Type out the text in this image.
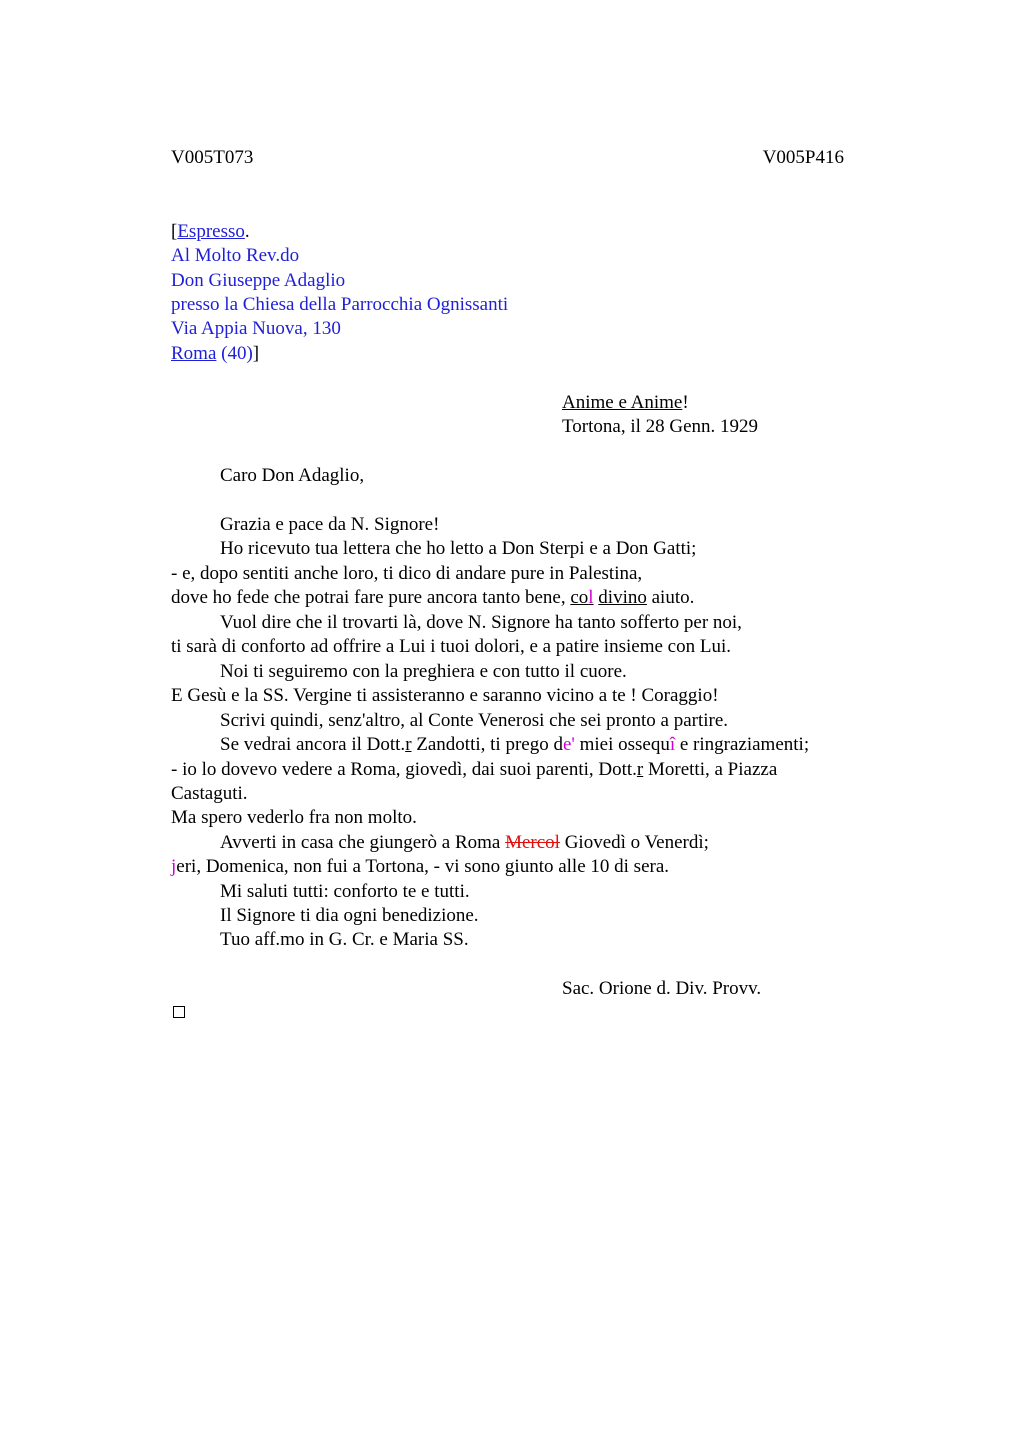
V005T073	V005P416
[Espresso.
Al Molto Rev.do
Don Giuseppe Adaglio
presso la Chiesa della Parrocchia Ognissanti
Via Appia Nuova, 130
Roma (40)]
Anime e Anime!
Tortona, il 28 Genn. 1929
Caro Don Adaglio,
Grazia e pace da N. Signore!
Ho ricevuto tua lettera che ho letto a Don Sterpi e a Don Gatti;
- e, dopo sentiti anche loro, ti dico di andare pure in Palestina,
dove ho fede che potrai fare pure ancora tanto bene, col divino aiuto.
Vuol dire che il trovarti là, dove N. Signore ha tanto sofferto per noi,
ti sarà di conforto ad offrire a Lui i tuoi dolori, e a patire insieme con Lui.
Noi ti seguiremo con la preghiera e con tutto il cuore.
E Gesù e la SS. Vergine ti assisteranno e saranno vicino a te ! Coraggio!
Scrivi quindi, senz'altro, al Conte Venerosi che sei pronto a partire.
Se vedrai ancora il Dott.r Zandotti, ti prego de' miei ossequî e ringraziamenti;
- io lo dovevo vedere a Roma, giovedì, dai suoi parenti, Dott.r Moretti, a Piazza
Castaguti.
Ma spero vederlo fra non molto.
Avverti in casa che giungerò a Roma Mercol Giovedì o Venerdì;
jeri, Domenica, non fui a Tortona, - vi sono giunto alle 10 di sera.
Mi saluti tutti: conforto te e tutti.
Il Signore ti dia ogni benedizione.
Tuo aff.mo in G. Cr. e Maria SS.
Sac. Orione d. Div. Provv.
